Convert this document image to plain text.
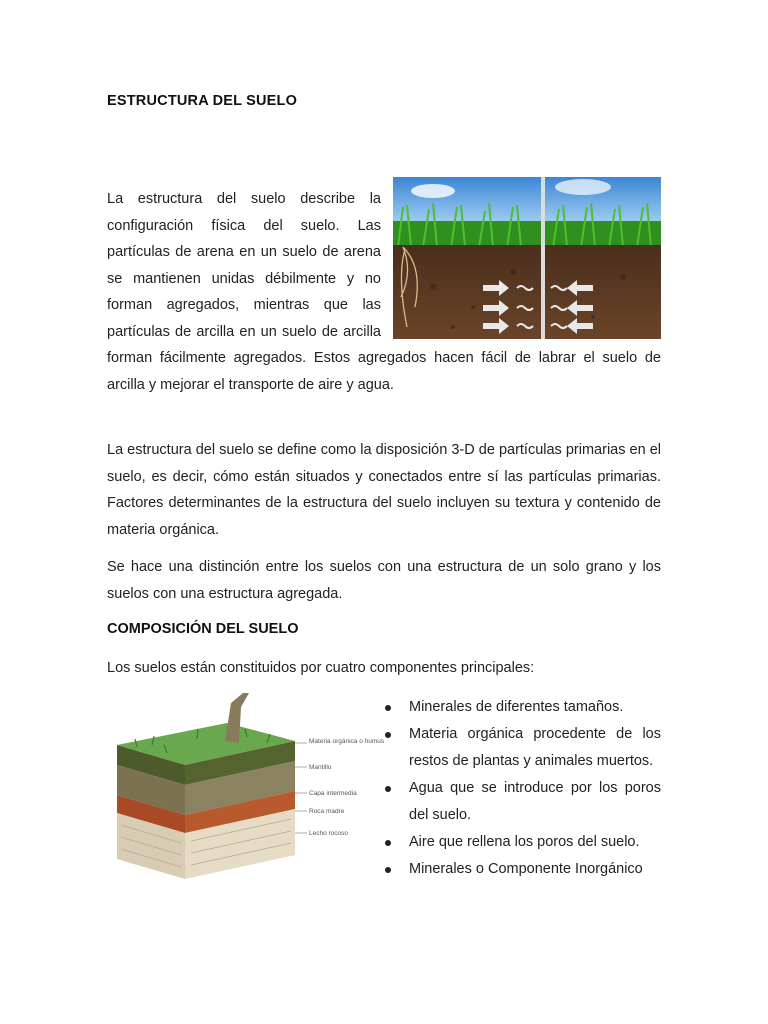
ESTRUCTURA DEL SUELO

La estructura del suelo describe la configuración física del suelo. Las partículas de arena en un suelo de arena se mantienen unidas débilmente y no forman agregados, mientras que las partículas de arcilla en un suelo de arcilla forman fácilmente agregados. Estos agregados hacen fácil de labrar el suelo de arcilla y mejorar el transporte de aire y agua.

La estructura del suelo se define como la disposición 3-D de partículas primarias en el suelo, es decir, cómo están situados y conectados entre sí las partículas primarias. Factores determinantes de la estructura del suelo incluyen su textura y contenido de materia orgánica.

Se hace una distinción entre los suelos con una estructura de un solo grano y los suelos con una estructura agregada.

COMPOSICIÓN DEL SUELO

Los suelos están constituidos por cuatro componentes principales:

Materia orgánica o humus
Mantillo
Capa intermedia
Roca madre
Lecho rocoso
Minerales de diferentes tamaños.
Materia orgánica procedente de los restos de plantas y animales muertos.
Agua que se introduce por los poros del suelo.
Aire que rellena los poros del suelo.
Minerales o Componente Inorgánico
